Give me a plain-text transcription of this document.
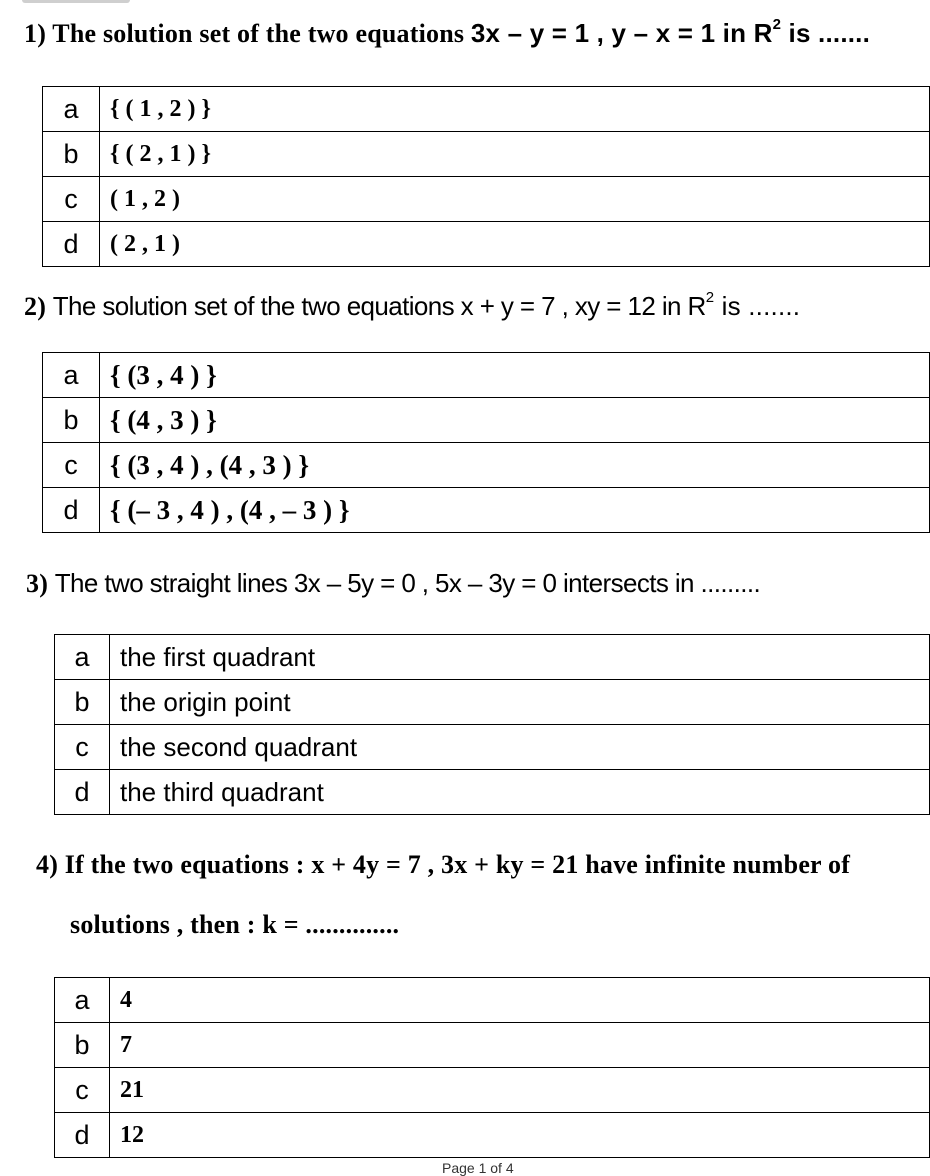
1) The solution set of the two equations 3x – y = 1 , y – x = 1 in $R^2$ is .......
a	{ ( 1 , 2 ) }
b	{ ( 2 , 1 ) }
c	( 1 , 2 )
d	( 2 , 1 )
2) The solution set of the two equations x + y = 7 , xy = 12 in $R^2$ is .......
a	{ (3 , 4 ) }
b	{ (4 , 3 ) }
c	{ (3 , 4 ) , (4 , 3 ) }
d	{ (– 3 , 4 ) , (4 , – 3 ) }
3) The two straight lines 3x – 5y = 0 , 5x – 3y = 0 intersects in .........
a	the first quadrant
b	the origin point
c	the second quadrant
d	the third quadrant
4) If the two equations : x + 4y = 7 , 3x + ky = 21 have infinite number of
solutions , then : k = ..............
a	4
b	7
c	21
d	12
Page 1 of 4
